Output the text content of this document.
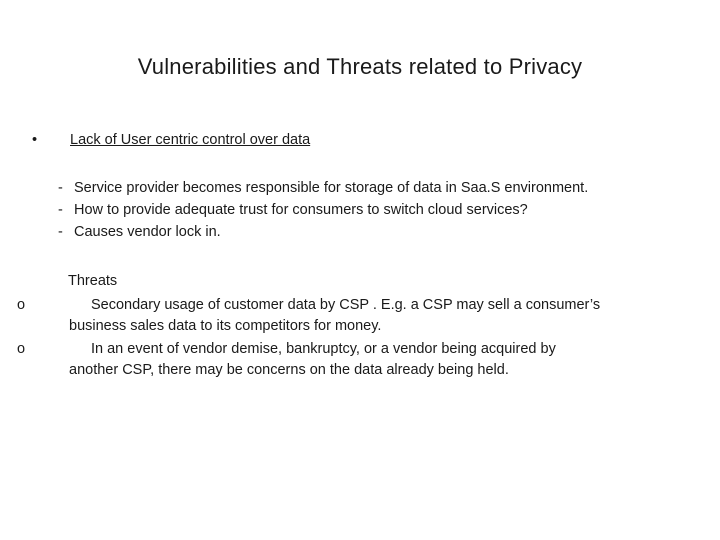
Vulnerabilities and Threats related to Privacy
• Lack of User centric control over data
- Service provider becomes responsible for storage of data in Saa.S environment.
- How to provide adequate trust for consumers to switch cloud services?
- Causes vendor lock in.
Threats
o	Secondary usage of customer data by CSP . E.g. a CSP may sell a consumer’s
business sales data to its competitors for money.
o	In an event of vendor demise, bankruptcy, or a vendor being acquired by
another CSP, there may be concerns on the data already being held.
